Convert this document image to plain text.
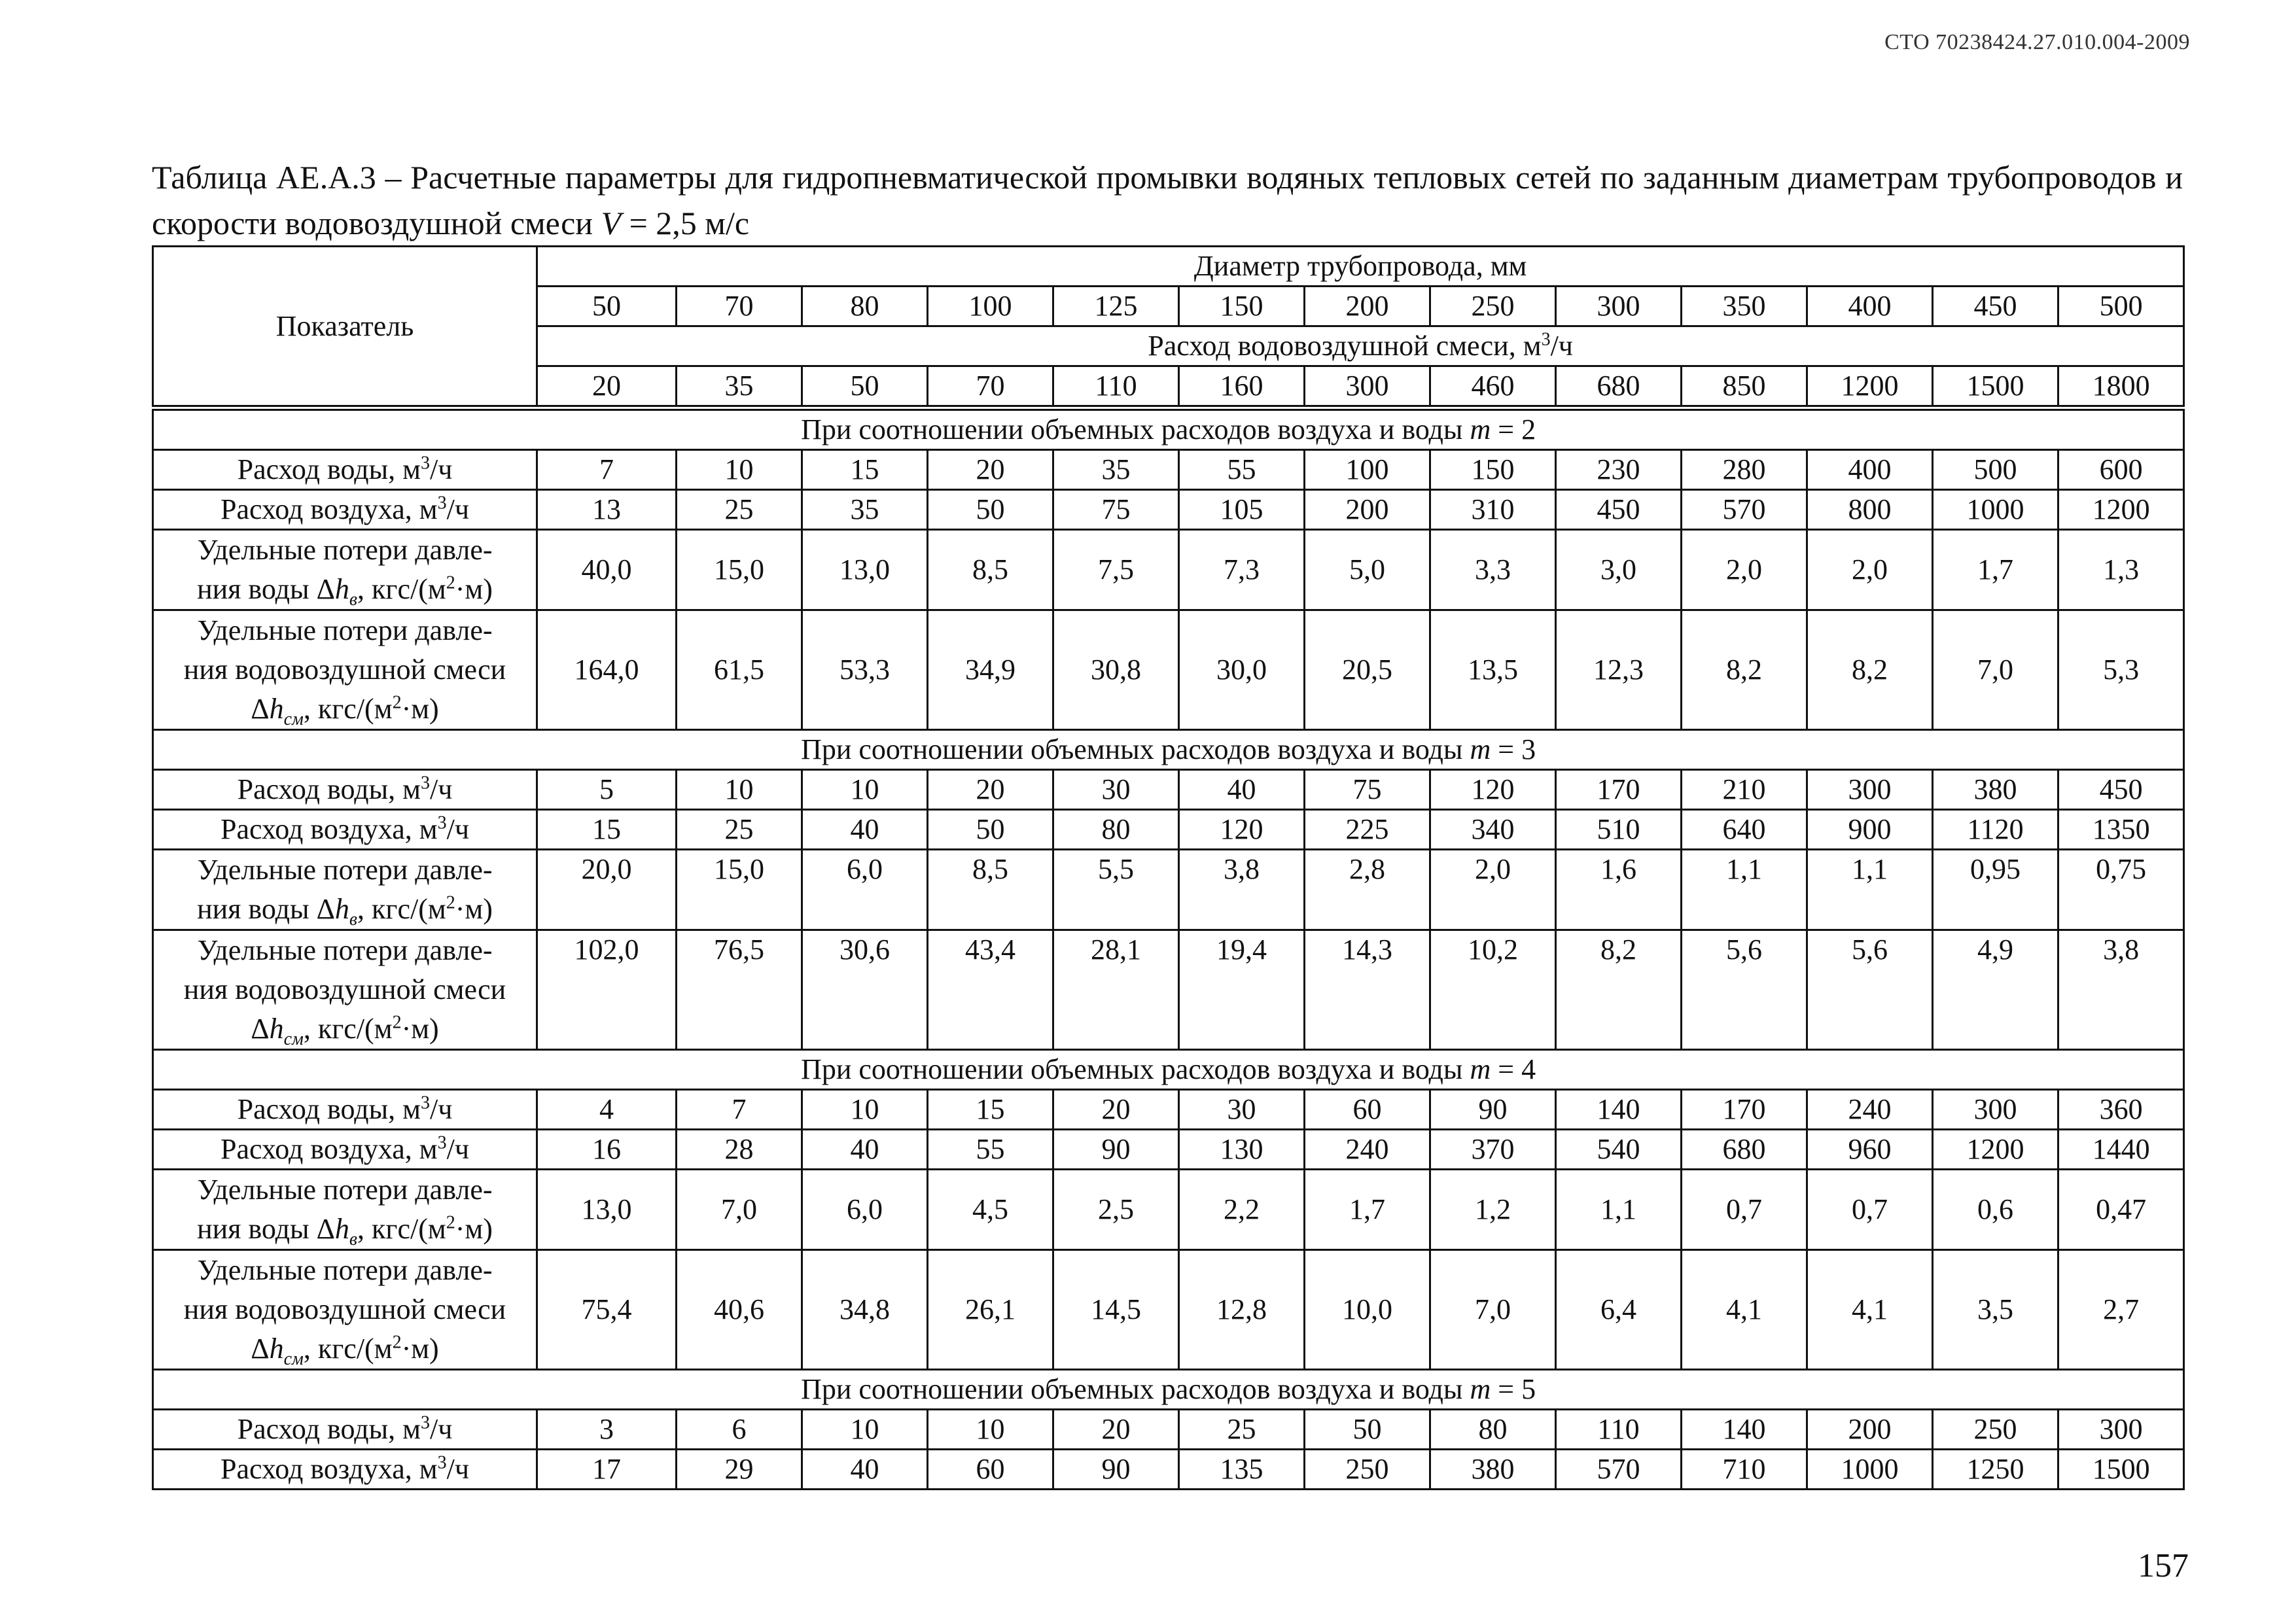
СТО 70238424.27.010.004-2009
Таблица АЕ.А.3 – Расчетные параметры для гидропневматической промывки водяных тепловых сетей по заданным диаметрам трубопроводов и скорости водовоздушной смеси V = 2,5 м/с
Показатель	Диаметр трубопровода, мм												
	50	70	80	100	125	150	200	250	300	350	400	450	500
	Расход водовоздушной смеси, $м^3/ч$												
	20	35	50	70	110	160	300	460	680	850	1200	1500	1800
При соотношении объемных расходов воздуха и воды m = 2													
Расход воды, $м^3/ч$	7	10	15	20	35	55	100	150	230	280	400	500	600
Расход воздуха, $м^3/ч$	13	25	35	50	75	105	200	310	450	570	800	1000	1200
Удельные потери давле-
ния воды $\Delta h_в$, кгс/$(м^2\cdot м)$	40,0	15,0	13,0	8,5	7,5	7,3	5,0	3,3	3,0	2,0	2,0	1,7	1,3
Удельные потери давле-
ния водовоздушной смеси
$\Delta h_{см}$, кгс/$(м^2\cdot м)$	164,0	61,5	53,3	34,9	30,8	30,0	20,5	13,5	12,3	8,2	8,2	7,0	5,3
При соотношении объемных расходов воздуха и воды m = 3													
Расход воды, $м^3/ч$	5	10	10	20	30	40	75	120	170	210	300	380	450
Расход воздуха, $м^3/ч$	15	25	40	50	80	120	225	340	510	640	900	1120	1350
Удельные потери давле-
ния воды $\Delta h_в$, кгс/$(м^2\cdot м)$	20,0	15,0	6,0	8,5	5,5	3,8	2,8	2,0	1,6	1,1	1,1	0,95	0,75
Удельные потери давле-
ния водовоздушной смеси
$\Delta h_{см}$, кгс/$(м^2\cdot м)$	102,0	76,5	30,6	43,4	28,1	19,4	14,3	10,2	8,2	5,6	5,6	4,9	3,8
При соотношении объемных расходов воздуха и воды m = 4													
Расход воды, $м^3/ч$	4	7	10	15	20	30	60	90	140	170	240	300	360
Расход воздуха, $м^3/ч$	16	28	40	55	90	130	240	370	540	680	960	1200	1440
Удельные потери давле-
ния воды $\Delta h_в$, кгс/$(м^2\cdot м)$	13,0	7,0	6,0	4,5	2,5	2,2	1,7	1,2	1,1	0,7	0,7	0,6	0,47
Удельные потери давле-
ния водовоздушной смеси
$\Delta h_{см}$, кгс/$(м^2\cdot м)$	75,4	40,6	34,8	26,1	14,5	12,8	10,0	7,0	6,4	4,1	4,1	3,5	2,7
При соотношении объемных расходов воздуха и воды m = 5													
Расход воды, $м^3/ч$	3	6	10	10	20	25	50	80	110	140	200	250	300
Расход воздуха, $м^3/ч$	17	29	40	60	90	135	250	380	570	710	1000	1250	1500
157
